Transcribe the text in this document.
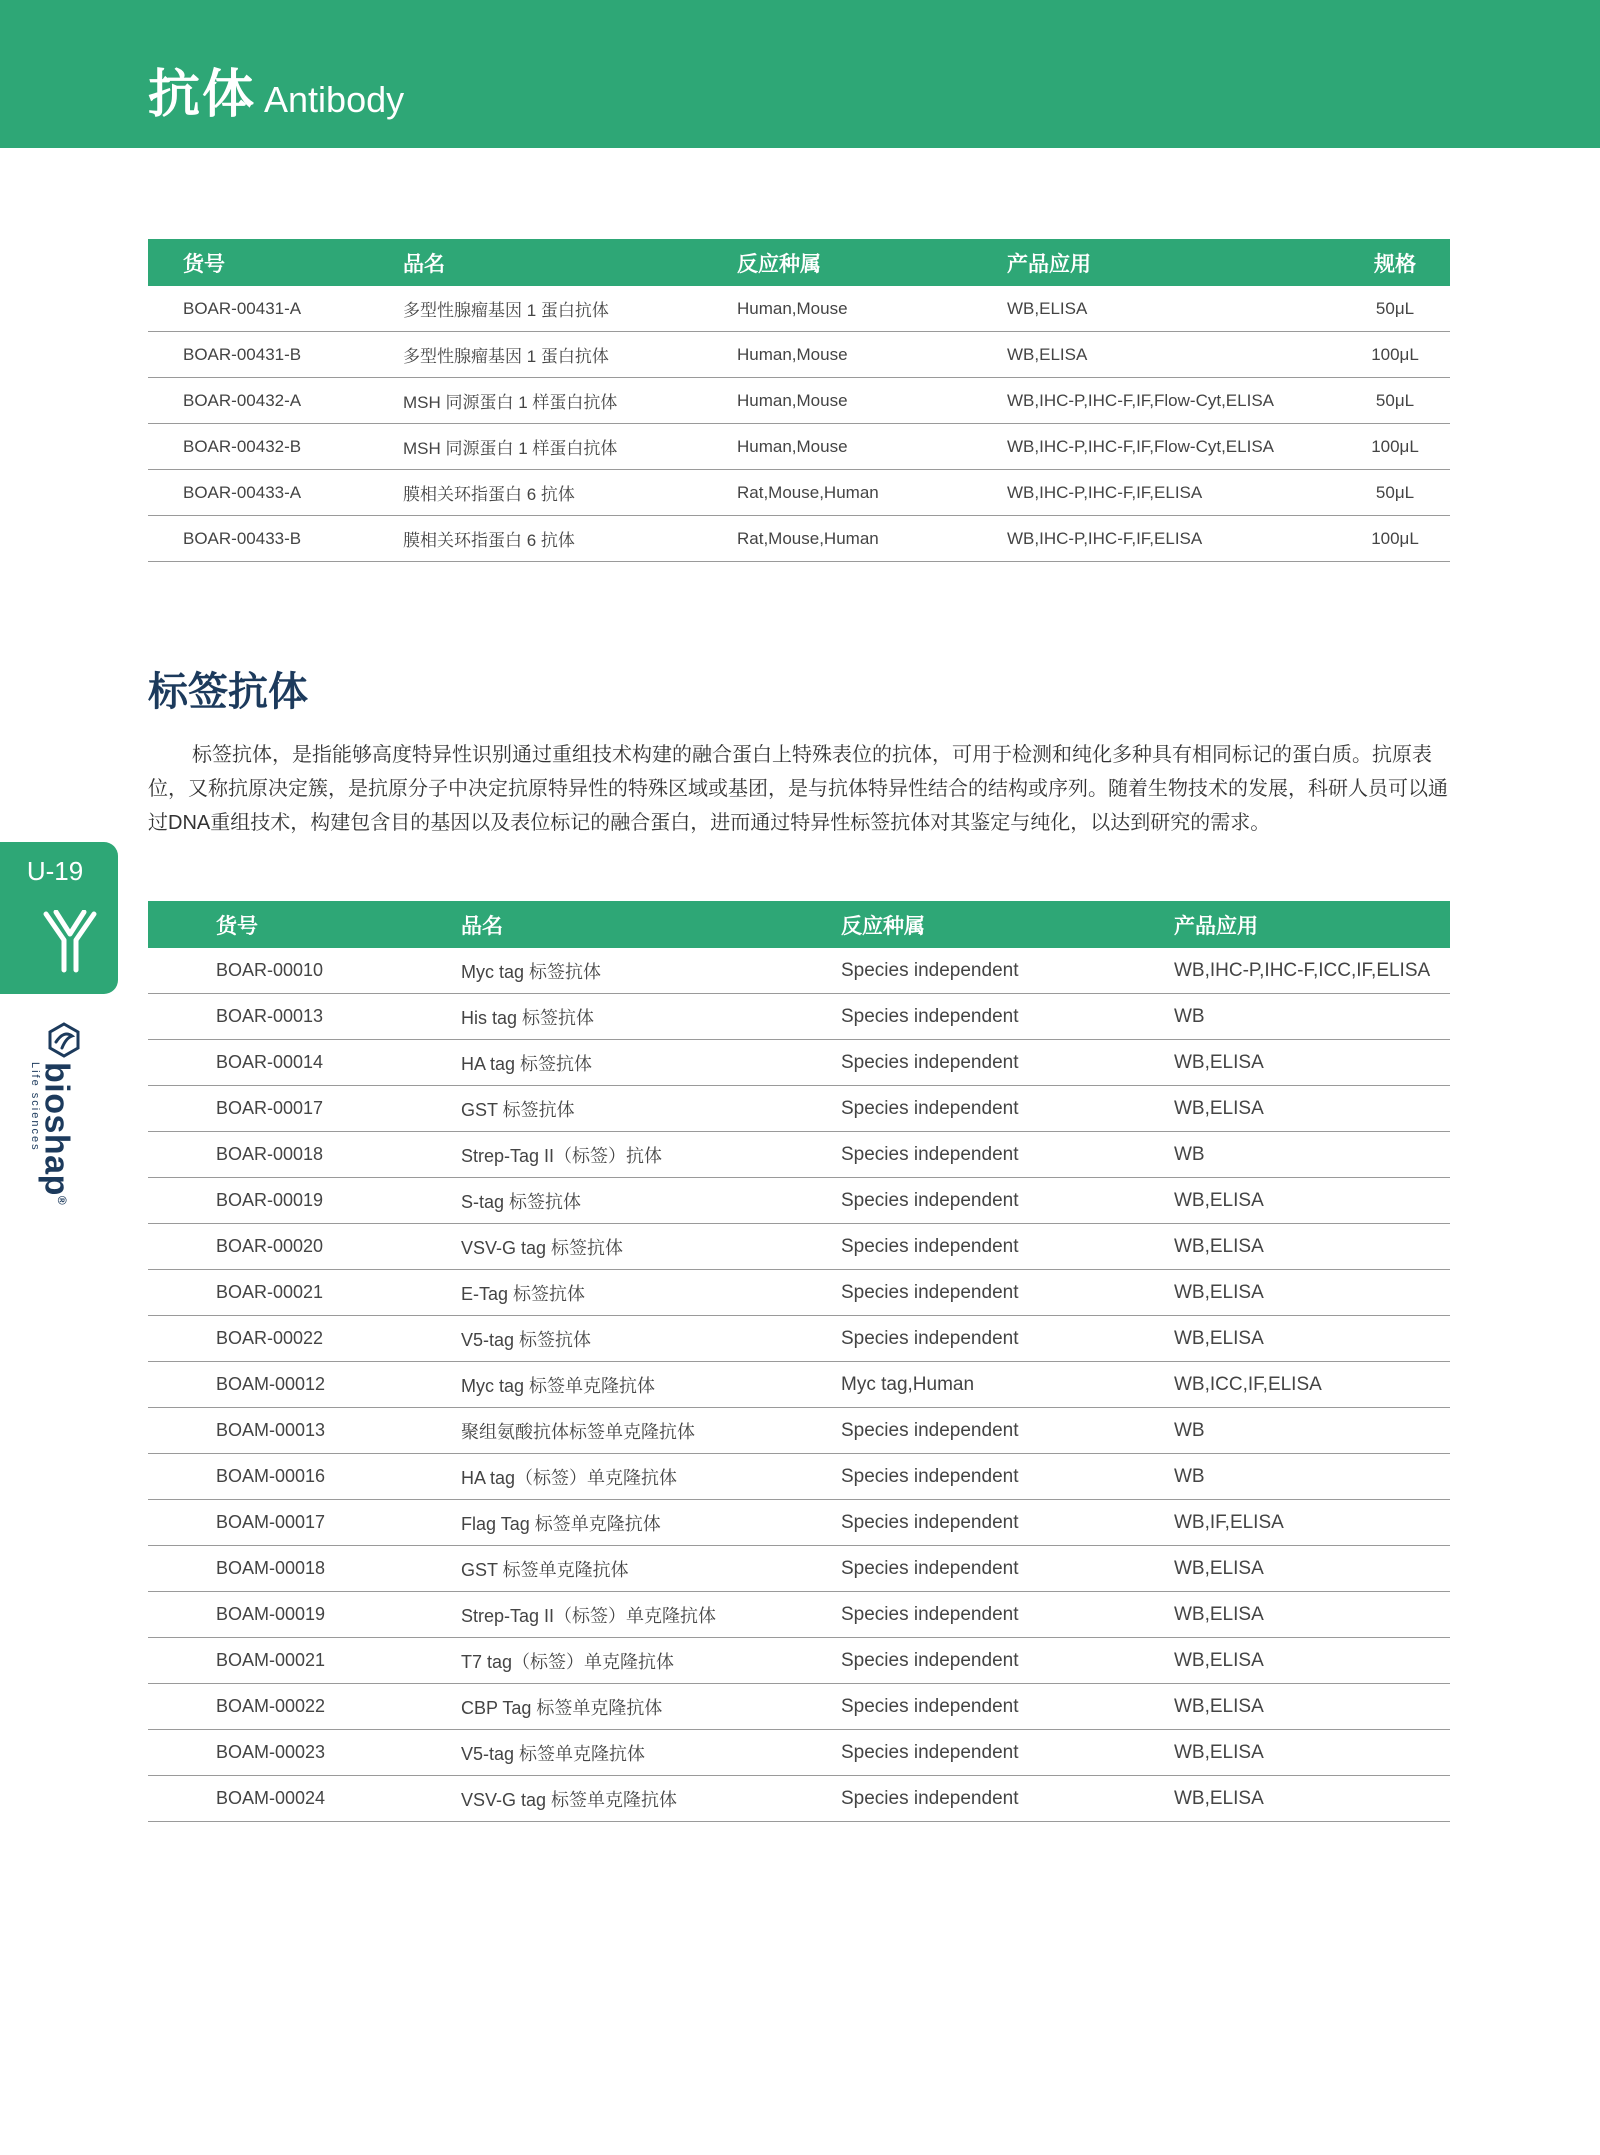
抗体 Antibody
货号	品名	反应种属	产品应用	规格
BOAR-00431-A	多型性腺瘤基因 1 蛋白抗体	Human,Mouse	WB,ELISA	50μL
BOAR-00431-B	多型性腺瘤基因 1 蛋白抗体	Human,Mouse	WB,ELISA	100μL
BOAR-00432-A	MSH 同源蛋白 1 样蛋白抗体	Human,Mouse	WB,IHC-P,IHC-F,IF,Flow-Cyt,ELISA	50μL
BOAR-00432-B	MSH 同源蛋白 1 样蛋白抗体	Human,Mouse	WB,IHC-P,IHC-F,IF,Flow-Cyt,ELISA	100μL
BOAR-00433-A	膜相关环指蛋白 6 抗体	Rat,Mouse,Human	WB,IHC-P,IHC-F,IF,ELISA	50μL
BOAR-00433-B	膜相关环指蛋白 6 抗体	Rat,Mouse,Human	WB,IHC-P,IHC-F,IF,ELISA	100μL
标签抗体

标签抗体，是指能够高度特异性识别通过重组技术构建的融合蛋白上特殊表位的抗体，可用于检测和纯化多种具有相同标记的蛋白质。抗原表位，又称抗原决定簇，是抗原分子中决定抗原特异性的特殊区域或基团，是与抗体特异性结合的结构或序列。随着生物技术的发展，科研人员可以通过DNA重组技术，构建包含目的基因以及表位标记的融合蛋白，进而通过特异性标签抗体对其鉴定与纯化，以达到研究的需求。

U-19
bioshap®
Life sciences
货号	品名	反应种属	产品应用
BOAR-00010	Myc tag 标签抗体	Species independent	WB,IHC-P,IHC-F,ICC,IF,ELISA
BOAR-00013	His tag 标签抗体	Species independent	WB
BOAR-00014	HA tag 标签抗体	Species independent	WB,ELISA
BOAR-00017	GST 标签抗体	Species independent	WB,ELISA
BOAR-00018	Strep-Tag II（标签）抗体	Species independent	WB
BOAR-00019	S-tag 标签抗体	Species independent	WB,ELISA
BOAR-00020	VSV-G tag 标签抗体	Species independent	WB,ELISA
BOAR-00021	E-Tag 标签抗体	Species independent	WB,ELISA
BOAR-00022	V5-tag 标签抗体	Species independent	WB,ELISA
BOAM-00012	Myc tag 标签单克隆抗体	Myc tag,Human	WB,ICC,IF,ELISA
BOAM-00013	聚组氨酸抗体标签单克隆抗体	Species independent	WB
BOAM-00016	HA tag（标签）单克隆抗体	Species independent	WB
BOAM-00017	Flag Tag 标签单克隆抗体	Species independent	WB,IF,ELISA
BOAM-00018	GST 标签单克隆抗体	Species independent	WB,ELISA
BOAM-00019	Strep-Tag II（标签）单克隆抗体	Species independent	WB,ELISA
BOAM-00021	T7 tag（标签）单克隆抗体	Species independent	WB,ELISA
BOAM-00022	CBP Tag 标签单克隆抗体	Species independent	WB,ELISA
BOAM-00023	V5-tag 标签单克隆抗体	Species independent	WB,ELISA
BOAM-00024	VSV-G tag 标签单克隆抗体	Species independent	WB,ELISA
